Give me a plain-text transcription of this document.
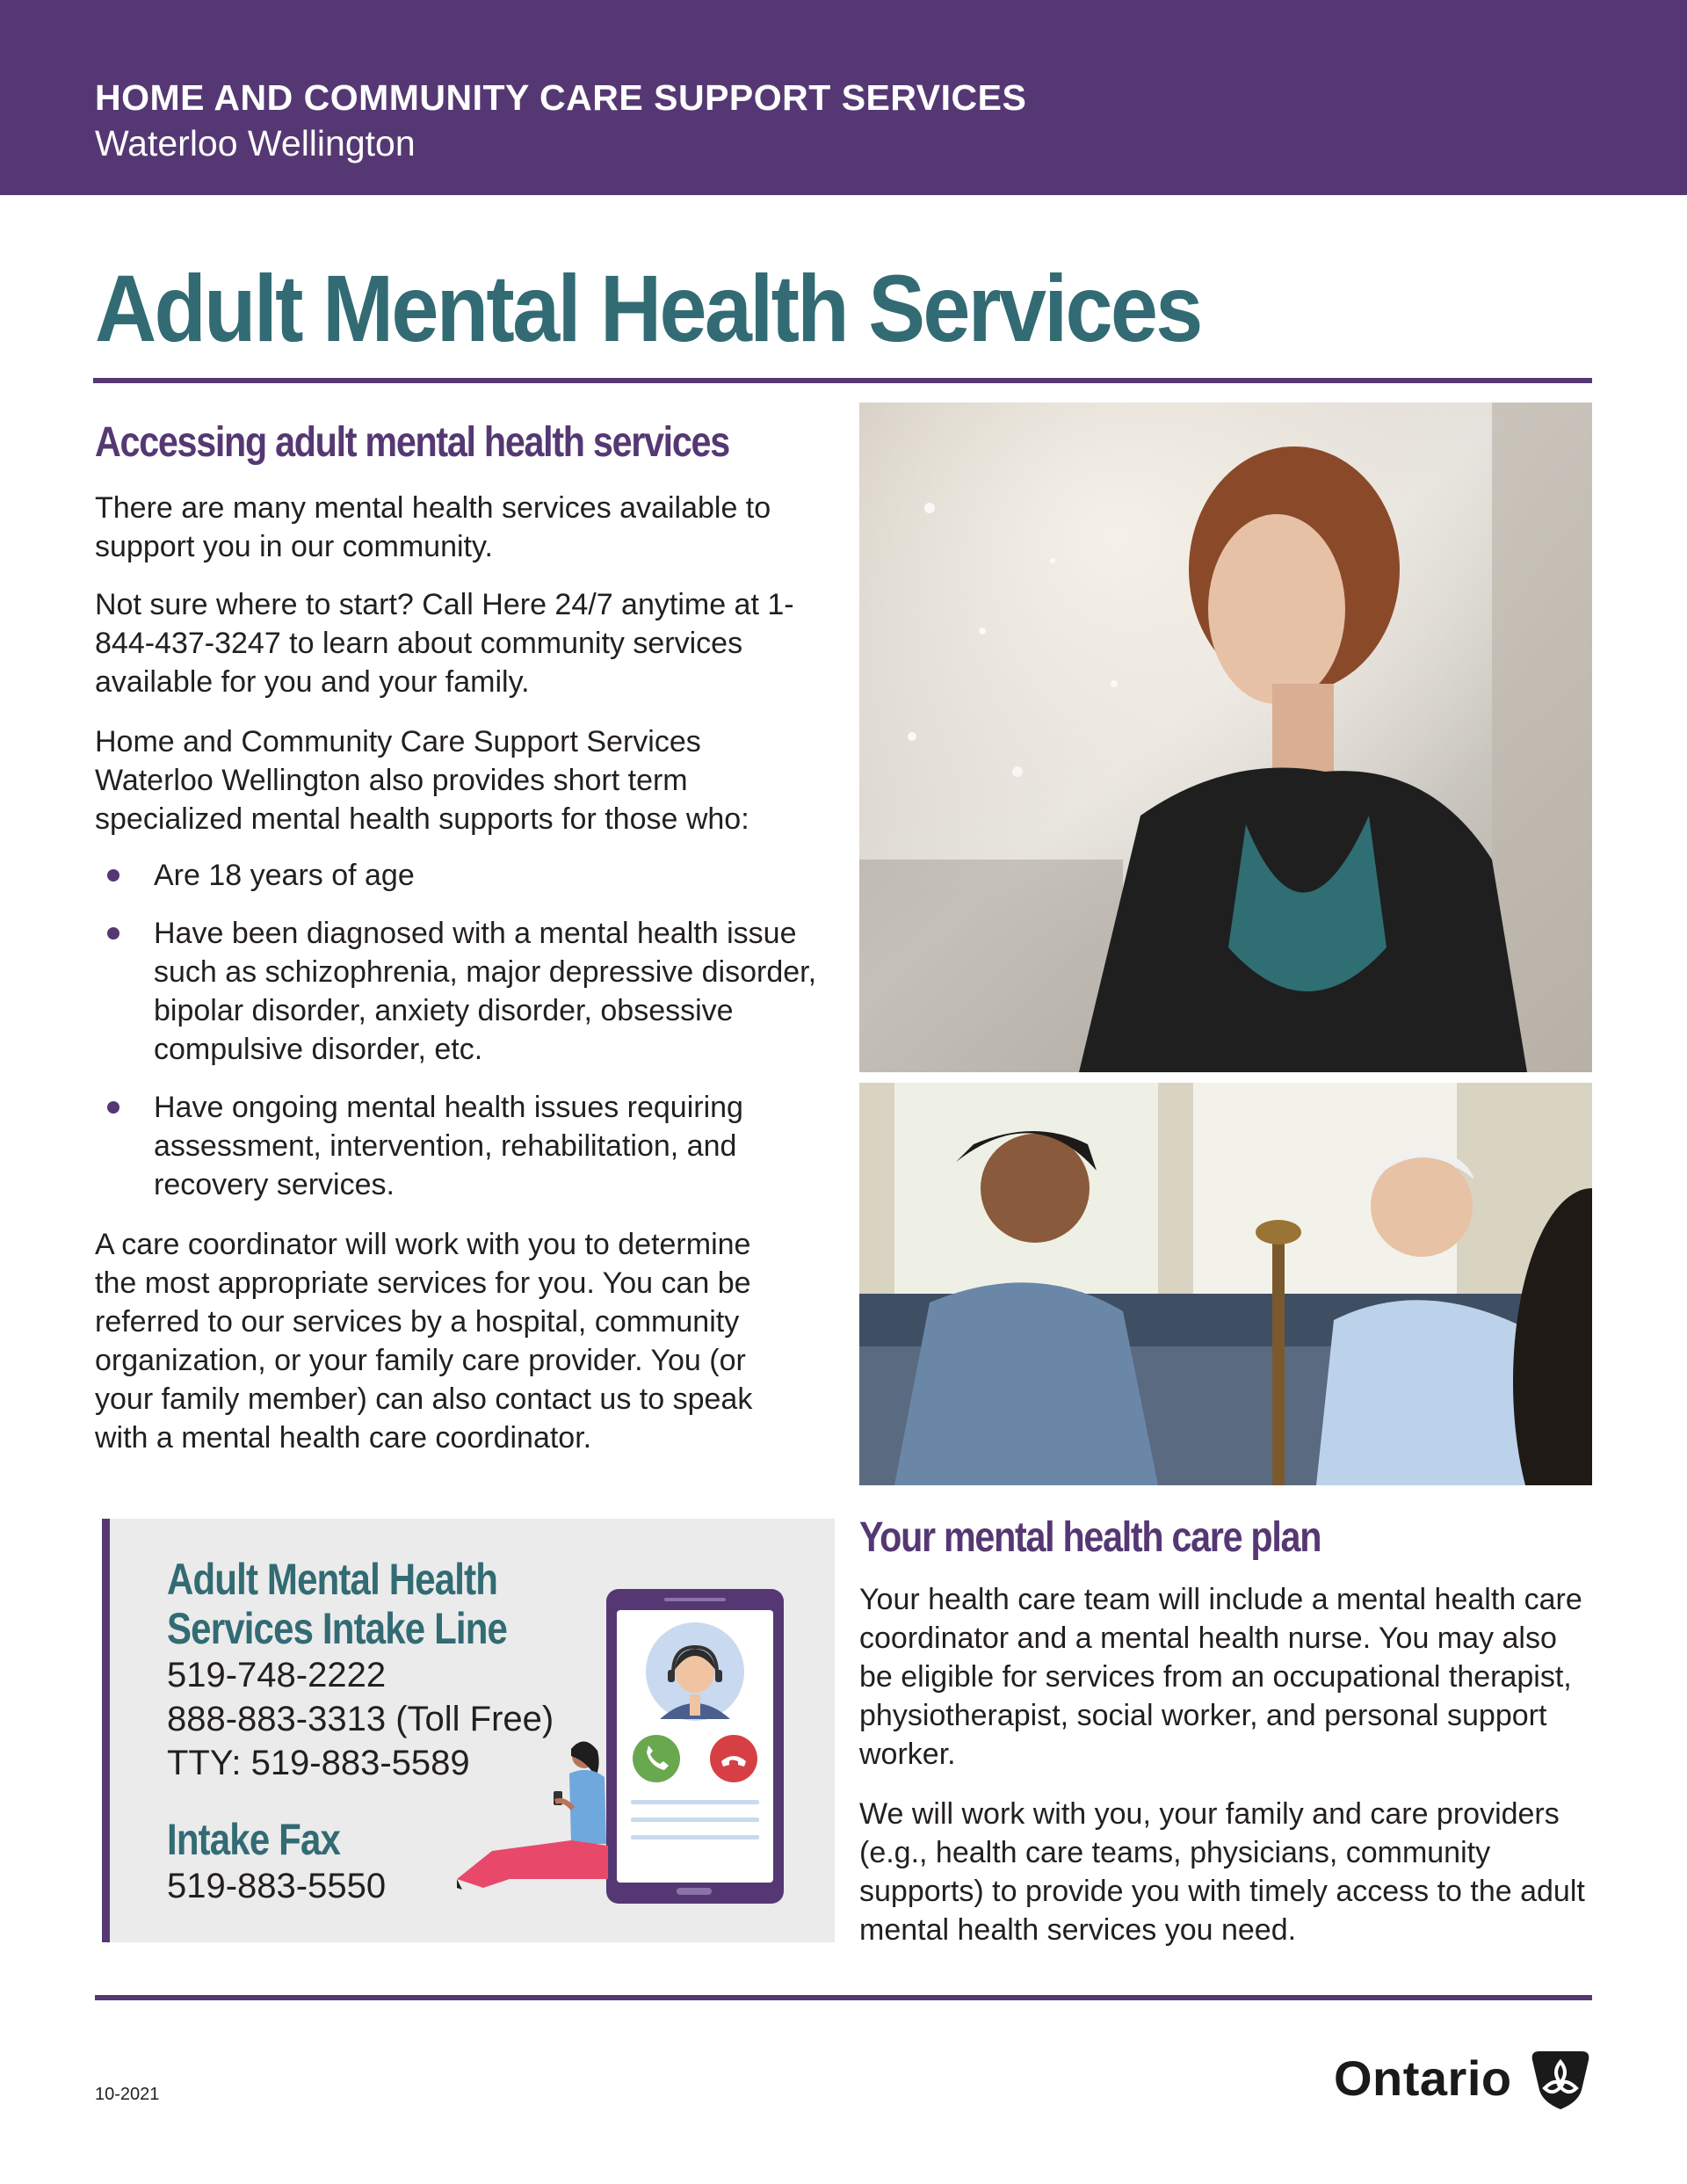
HOME AND COMMUNITY CARE SUPPORT SERVICES
Waterloo Wellington
Adult Mental Health Services
Accessing adult mental health services

There are many mental health services available to support you in our community.

Not sure where to start? Call Here 24/7 anytime at 1-844-437-3247 to learn about community services available for you and your family.

Home and Community Care Support Services Waterloo Wellington also provides short term specialized mental health supports for those who:

Are 18 years of age
Have been diagnosed with a mental health issue such as schizophrenia, major depressive disorder, bipolar disorder, anxiety disorder, obsessive compulsive disorder, etc.
Have ongoing mental health issues requiring assessment, intervention, rehabilitation, and recovery services.

A care coordinator will work with you to determine the most appropriate services for you. You can be referred to our services by a hospital, community organization, or your family care provider. You (or your family member) can also contact us to speak with a mental health care coordinator.

Adult Mental Health
Services Intake Line
519-748-2222
888-883-3313 (Toll Free)
TTY: 519-883-5589
Intake Fax
519-883-5550
Your mental health care plan

Your health care team will include a mental health care coordinator and a mental health nurse. You may also be eligible for services from an occupational therapist, physiotherapist, social worker, and personal support worker.

We will work with you, your family and care providers (e.g., health care teams, physicians, community supports) to provide you with timely access to the adult mental health services you need.

10-2021	Ontario
